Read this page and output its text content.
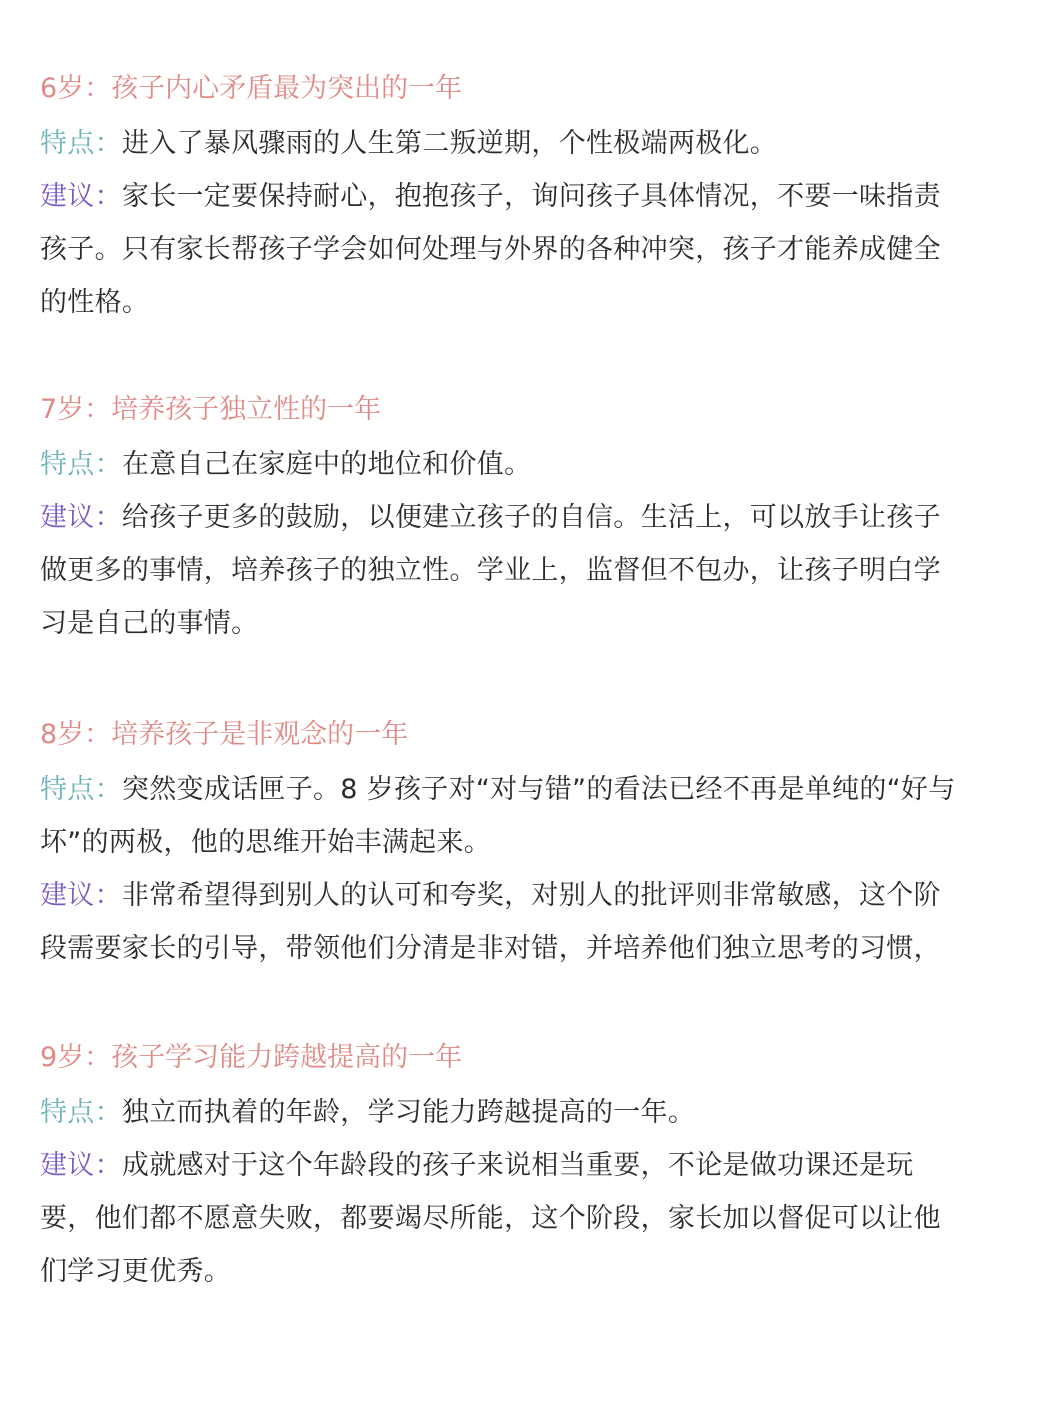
6岁：孩子内心矛盾最为突出的一年
特点：进入了暴风骤雨的人生第二叛逆期，个性极端两极化。
建议：家长一定要保持耐心，抱抱孩子，询问孩子具体情况，不要一味指责孩子。只有家长帮孩子学会如何处理与外界的各种冲突，孩子才能养成健全的性格。
7岁：培养孩子独立性的一年
特点：在意自己在家庭中的地位和价值。
建议：给孩子更多的鼓励，以便建立孩子的自信。生活上，可以放手让孩子做更多的事情，培养孩子的独立性。学业上，监督但不包办，让孩子明白学习是自己的事情。
8岁：培养孩子是非观念的一年
特点：突然变成话匣子。8 岁孩子对“对与错”的看法已经不再是单纯的“好与坏”的两极，他的思维开始丰满起来。
建议：非常希望得到别人的认可和夸奖，对别人的批评则非常敏感，这个阶段需要家长的引导，带领他们分清是非对错，并培养他们独立思考的习惯，
9岁：孩子学习能力跨越提高的一年
特点：独立而执着的年龄，学习能力跨越提高的一年。
建议：成就感对于这个年龄段的孩子来说相当重要，不论是做功课还是玩要，他们都不愿意失败，都要竭尽所能，这个阶段，家长加以督促可以让他们学习更优秀。
